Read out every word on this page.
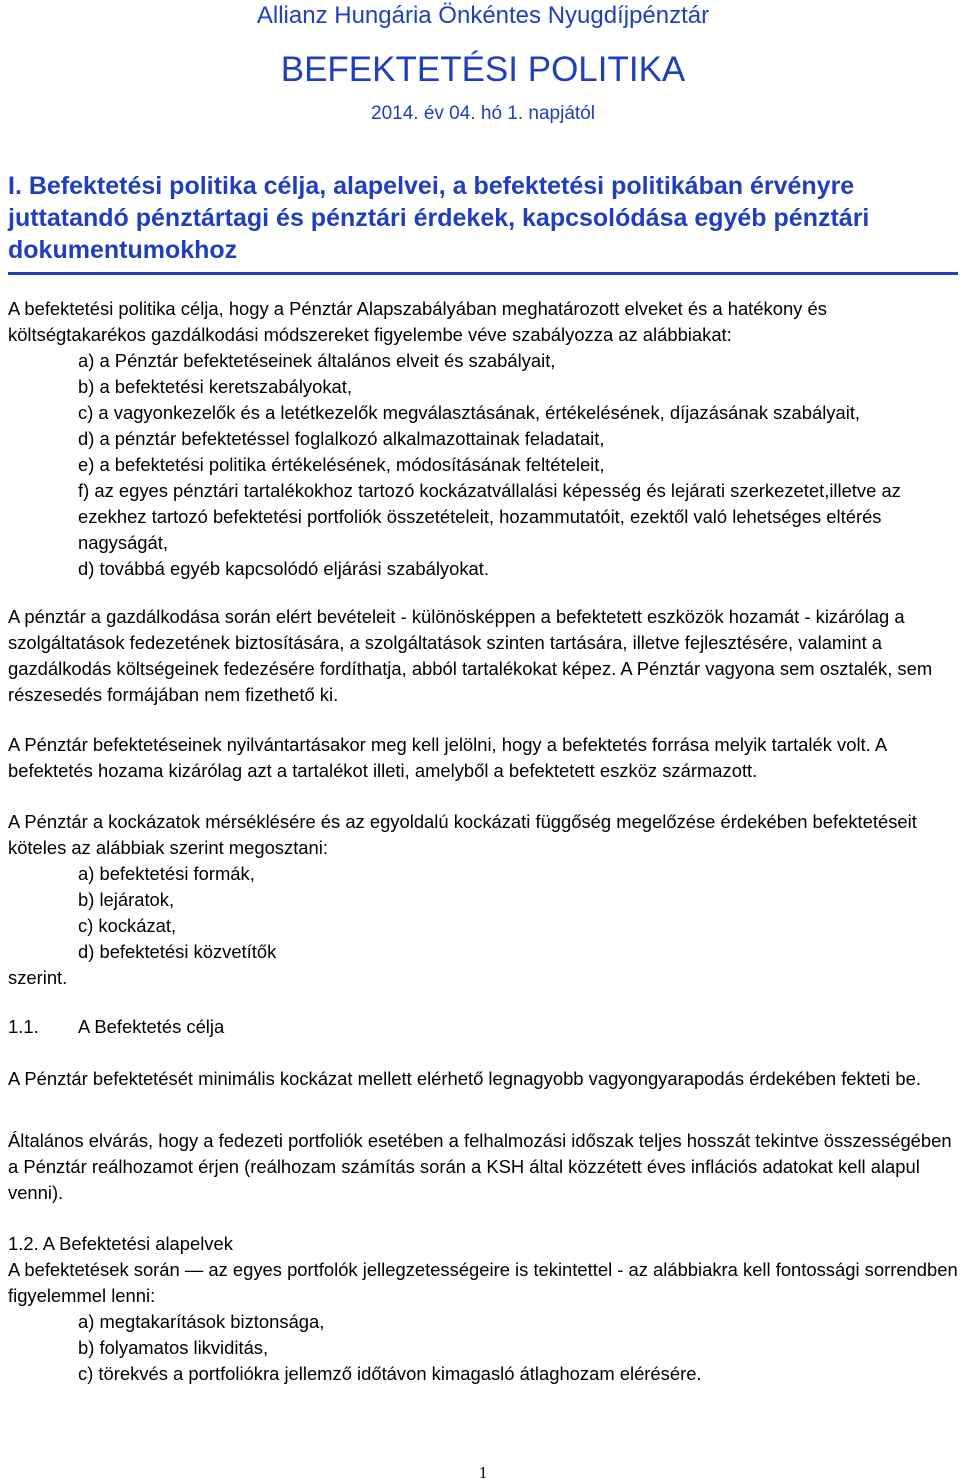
Allianz Hungária Önkéntes Nyugdíjpénztár
BEFEKTETÉSI POLITIKA
2014. év 04. hó 1. napjától
I. Befektetési politika célja, alapelvei, a befektetési politikában érvényre juttatandó pénztártagi és pénztári érdekek, kapcsolódása egyéb pénztári dokumentumokhoz
A befektetési politika célja, hogy a Pénztár Alapszabályában meghatározott elveket és a hatékony és költségtakarékos gazdálkodási módszereket figyelembe véve szabályozza az alábbiakat:
a) a Pénztár befektetéseinek általános elveit és szabályait,
b) a befektetési keretszabályokat,
c) a vagyonkezelők és a letétkezelők megválasztásának, értékelésének, díjazásának szabályait,
d) a pénztár befektetéssel foglalkozó alkalmazottainak feladatait,
e) a befektetési politika értékelésének, módosításának feltételeit,
f) az egyes pénztári tartalékokhoz tartozó kockázatvállalási képesség és lejárati szerkezetet,illetve az ezekhez tartozó befektetési portfoliók összetételeit, hozammutatóit, ezektől való lehetséges eltérés nagyságát,
d) továbbá egyéb kapcsolódó eljárási szabályokat.
A pénztár a gazdálkodása során elért bevételeit - különösképpen a befektetett eszközök hozamát - kizárólag a szolgáltatások fedezetének biztosítására, a szolgáltatások szinten tartására, illetve fejlesztésére, valamint a gazdálkodás költségeinek fedezésére fordíthatja, abból tartalékokat képez. A Pénztár vagyona sem osztalék, sem részesedés formájában nem fizethető ki.
A Pénztár befektetéseinek nyilvántartásakor meg kell jelölni, hogy a befektetés forrása melyik tartalék volt. A befektetés hozama kizárólag azt a tartalékot illeti, amelyből a befektetett eszköz származott.
A Pénztár a kockázatok mérséklésére és az egyoldalú kockázati függőség megelőzése érdekében befektetéseit köteles az alábbiak szerint megosztani:
a) befektetési formák,
b) lejáratok,
c) kockázat,
d) befektetési közvetítők
szerint.
1.1. A Befektetés célja
A Pénztár befektetését minimális kockázat mellett elérhető legnagyobb vagyongyarapodás érdekében fekteti be.
Általános elvárás, hogy a fedezeti portfoliók esetében a felhalmozási időszak teljes hosszát tekintve összességében a Pénztár reálhozamot érjen (reálhozam számítás során a KSH által közzétett éves inflációs adatokat kell alapul venni).
1.2. A Befektetési alapelvek
A befektetések során — az egyes portfolók jellegzetességeire is tekintettel - az alábbiakra kell fontossági sorrendben figyelemmel lenni:
a) megtakarítások biztonsága,
b) folyamatos likviditás,
c) törekvés a portfoliókra jellemző időtávon kimagasló átlaghozam elérésére.
1
